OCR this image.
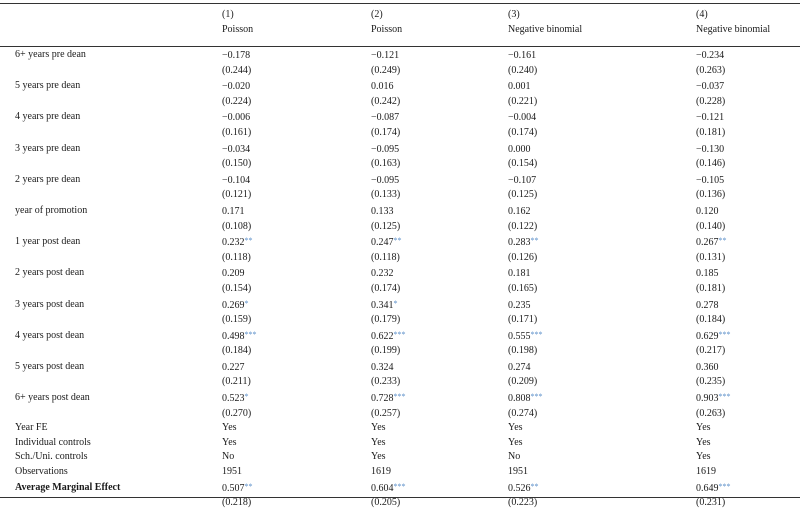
	(1)	(2)	(3)	(4)
	Poisson	Poisson	Negative binomial	Negative binomial

6+ years pre dean	−0.178	−0.121	−0.161	−0.234
	(0.244)	(0.249)	(0.240)	(0.263)
5 years pre dean	−0.020	0.016	0.001	−0.037
	(0.224)	(0.242)	(0.221)	(0.228)
4 years pre dean	−0.006	−0.087	−0.004	−0.121
	(0.161)	(0.174)	(0.174)	(0.181)
3 years pre dean	−0.034	−0.095	0.000	−0.130
	(0.150)	(0.163)	(0.154)	(0.146)
2 years pre dean	−0.104	−0.095	−0.107	−0.105
	(0.121)	(0.133)	(0.125)	(0.136)
year of promotion	0.171	0.133	0.162	0.120
	(0.108)	(0.125)	(0.122)	(0.140)
1 year post dean	0.232**	0.247**	0.283**	0.267**
	(0.118)	(0.118)	(0.126)	(0.131)
2 years post dean	0.209	0.232	0.181	0.185
	(0.154)	(0.174)	(0.165)	(0.181)
3 years post dean	0.269*	0.341*	0.235	0.278
	(0.159)	(0.179)	(0.171)	(0.184)
4 years post dean	0.498***	0.622***	0.555***	0.629***
	(0.184)	(0.199)	(0.198)	(0.217)
5 years post dean	0.227	0.324	0.274	0.360
	(0.211)	(0.233)	(0.209)	(0.235)
6+ years post dean	0.523*	0.728***	0.808***	0.903***
	(0.270)	(0.257)	(0.274)	(0.263)
Year FE	Yes	Yes	Yes	Yes
Individual controls	Yes	Yes	Yes	Yes
Sch./Uni. controls	No	Yes	No	Yes
Observations	1951	1619	1951	1619
Average Marginal Effect	0.507**	0.604***	0.526**	0.649***
	(0.218)	(0.205)	(0.223)	(0.231)
